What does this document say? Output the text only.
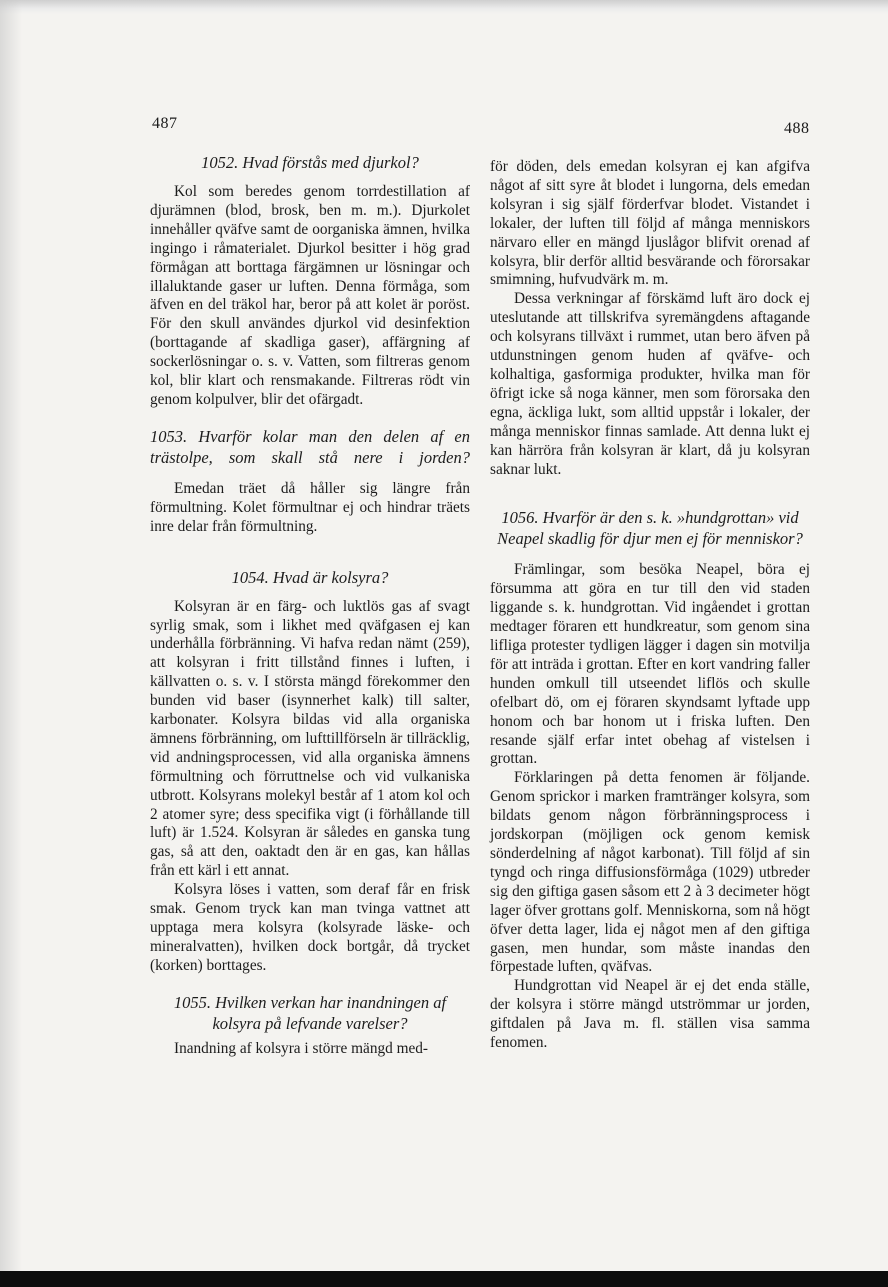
487	488

1052. Hvad förstås med djurkol?

Kol som beredes genom torrdestillation af djurämnen (blod, brosk, ben m. m.). Djurkolet innehåller qväfve samt de oorganiska ämnen, hvilka ingingo i råmaterialet. Djurkol besitter i hög grad förmågan att borttaga färgämnen ur lösningar och illaluktande gaser ur luften. Denna förmåga, som äfven en del träkol har, beror på att kolet är poröst. För den skull användes djurkol vid desinfektion (borttagande af skadliga gaser), affärgning af sockerlösningar o. s. v. Vatten, som filtreras genom kol, blir klart och rensmakande. Filtreras rödt vin genom kolpulver, blir det ofärgadt.

1053. Hvarför kolar man den delen af en trästolpe, som skall stå nere i jorden?

Emedan träet då håller sig längre från förmultning. Kolet förmultnar ej och hindrar träets inre delar från förmultning.

1054. Hvad är kolsyra?

Kolsyran är en färg- och luktlös gas af svagt syrlig smak, som i likhet med qväfgasen ej kan underhålla förbränning. Vi hafva redan nämt (259), att kolsyran i fritt tillstånd finnes i luften, i källvatten o. s. v. I största mängd förekommer den bunden vid baser (isynnerhet kalk) till salter, karbonater. Kolsyra bildas vid alla organiska ämnens förbränning, om lufttillförseln är tillräcklig, vid andningsprocessen, vid alla organiska ämnens förmultning och förruttnelse och vid vulkaniska utbrott. Kolsyrans molekyl består af 1 atom kol och 2 atomer syre; dess specifika vigt (i förhållande till luft) är 1.524. Kolsyran är således en ganska tung gas, så att den, oaktadt den är en gas, kan hållas från ett kärl i ett annat.

Kolsyra löses i vatten, som deraf får en frisk smak. Genom tryck kan man tvinga vattnet att upptaga mera kolsyra (kolsyrade läske- och mineralvatten), hvilken dock bortgår, då trycket (korken) borttages.

1055. Hvilken verkan har inandningen af kolsyra på lefvande varelser?

Inandning af kolsyra i större mängd med-

för döden, dels emedan kolsyran ej kan afgifva något af sitt syre åt blodet i lungorna, dels emedan kolsyran i sig själf förderfvar blodet. Vistandet i lokaler, der luften till följd af många menniskors närvaro eller en mängd ljuslågor blifvit orenad af kolsyra, blir derför alltid besvärande och förorsakar smimning, hufvudvärk m. m.

Dessa verkningar af förskämd luft äro dock ej uteslutande att tillskrifva syremängdens aftagande och kolsyrans tillväxt i rummet, utan bero äfven på utdunstningen genom huden af qväfve- och kolhaltiga, gasformiga produkter, hvilka man för öfrigt icke så noga känner, men som förorsaka den egna, äckliga lukt, som alltid uppstår i lokaler, der många menniskor finnas samlade. Att denna lukt ej kan härröra från kolsyran är klart, då ju kolsyran saknar lukt.

1056. Hvarför är den s. k. »hundgrottan» vid Neapel skadlig för djur men ej för menniskor?

Främlingar, som besöka Neapel, böra ej försumma att göra en tur till den vid staden liggande s. k. hundgrottan. Vid ingåendet i grottan medtager föraren ett hundkreatur, som genom sina lifliga protester tydligen lägger i dagen sin motvilja för att inträda i grottan. Efter en kort vandring faller hunden omkull till utseendet liflös och skulle ofelbart dö, om ej föraren skyndsamt lyftade upp honom och bar honom ut i friska luften. Den resande själf erfar intet obehag af vistelsen i grottan.

Förklaringen på detta fenomen är följande. Genom sprickor i marken framtränger kolsyra, som bildats genom någon förbränningsprocess i jordskorpan (möjligen ock genom kemisk sönderdelning af något karbonat). Till följd af sin tyngd och ringa diffusionsförmåga (1029) utbreder sig den giftiga gasen såsom ett 2 à 3 decimeter högt lager öfver grottans golf. Menniskorna, som nå högt öfver detta lager, lida ej något men af den giftiga gasen, men hundar, som måste inandas den förpestade luften, qväfvas.

Hundgrottan vid Neapel är ej det enda ställe, der kolsyra i större mängd utströmmar ur jorden, giftdalen på Java m. fl. ställen visa samma fenomen.
